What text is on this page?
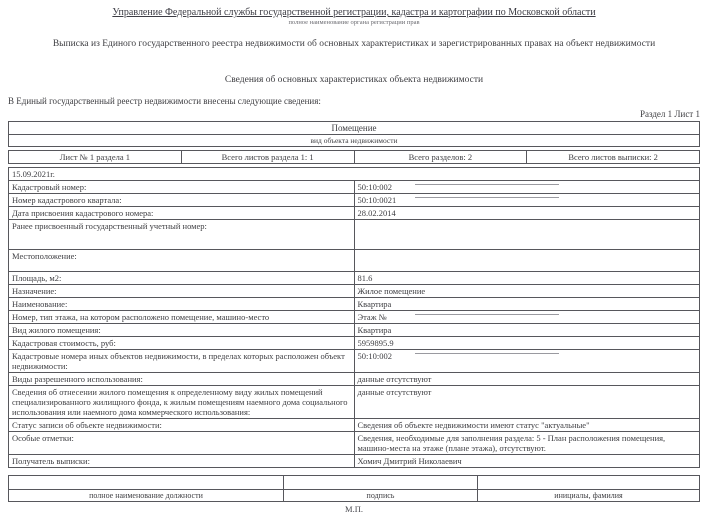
Управление Федеральной службы государственной регистрации, кадастра и картографии по Московской области
полное наименование органа регистрации прав
Выписка из Единого государственного реестра недвижимости об основных характеристиках и зарегистрированных правах на объект недвижимости
Сведения об основных характеристиках объекта недвижимости
В Единый государственный реестр недвижимости внесены следующие сведения:
Раздел 1 Лист 1
Помещение
вид объекта недвижимости
Лист № 1 раздела 1	Всего листов раздела 1: 1	Всего разделов: 2	Всего листов выписки: 2
15.09.2021г.	
Кадастровый номер:	50:10:002
Номер кадастрового квартала:	50:10:0021
Дата присвоения кадастрового номера:	28.02.2014
Ранее присвоенный государственный учетный номер:	
Местоположение:	
Площадь, м2:	81.6
Назначение:	Жилое помещение
Наименование:	Квартира
Номер, тип этажа, на котором расположено помещение, машино-место	Этаж №
Вид жилого помещения:	Квартира
Кадастровая стоимость, руб:	5959895.9
Кадастровые номера иных объектов недвижимости, в пределах которых расположен объект недвижимости:	50:10:002
Виды разрешенного использования:	данные отсутствуют
Сведения об отнесении жилого помещения к определенному виду жилых помещений специализированного жилищного фонда, к жилым помещениям наемного дома социального использования или наемного дома коммерческого использования:	данные отсутствуют
Статус записи об объекте недвижимости:	Сведения об объекте недвижимости имеют статус "актуальные"
Особые отметки:	Сведения, необходимые для заполнения раздела: 5 - План расположения помещения, машино-места на этаже (плане этажа), отсутствуют.
Получатель выписки:	Хомич Дмитрий Николаевич

полное наименование должности	подпись	инициалы, фамилия
М.П.
